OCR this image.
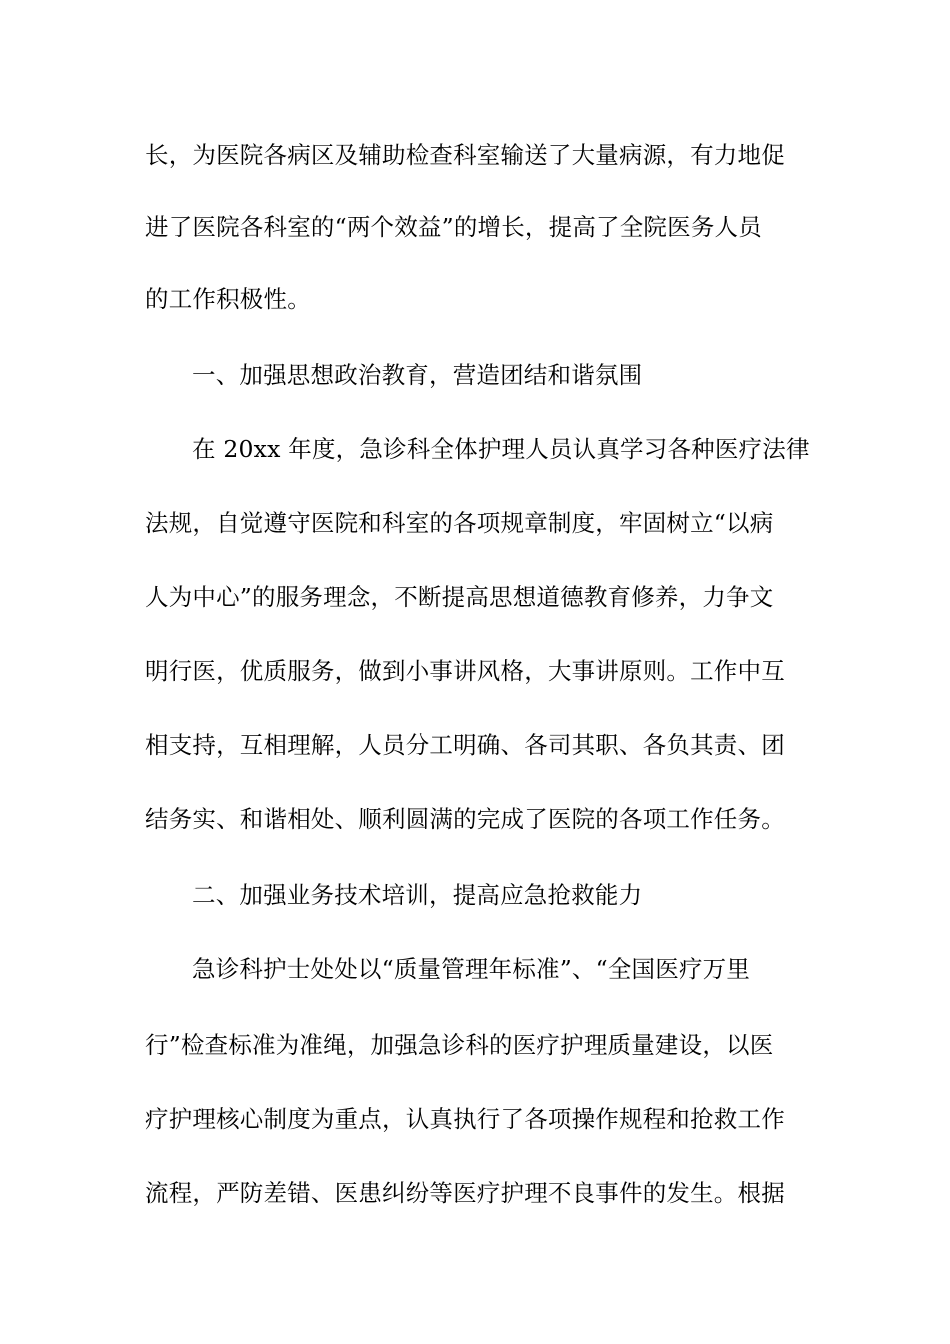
长，为医院各病区及辅助检查科室输送了大量病源，有力地促
进了医院各科室的“两个效益”的增长，提高了全院医务人员
的工作积极性。
一、加强思想政治教育，营造团结和谐氛围
在 20xx 年度，急诊科全体护理人员认真学习各种医疗法律
法规，自觉遵守医院和科室的各项规章制度，牢固树立“以病
人为中心”的服务理念，不断提高思想道德教育修养，力争文
明行医，优质服务，做到小事讲风格，大事讲原则。工作中互
相支持，互相理解，人员分工明确、各司其职、各负其责、团
结务实、和谐相处、顺利圆满的完成了医院的各项工作任务。
二、加强业务技术培训，提高应急抢救能力
急诊科护士处处以“质量管理年标准”、“全国医疗万里
行”检查标准为准绳，加强急诊科的医疗护理质量建设，以医
疗护理核心制度为重点，认真执行了各项操作规程和抢救工作
流程，严防差错、医患纠纷等医疗护理不良事件的发生。根据
